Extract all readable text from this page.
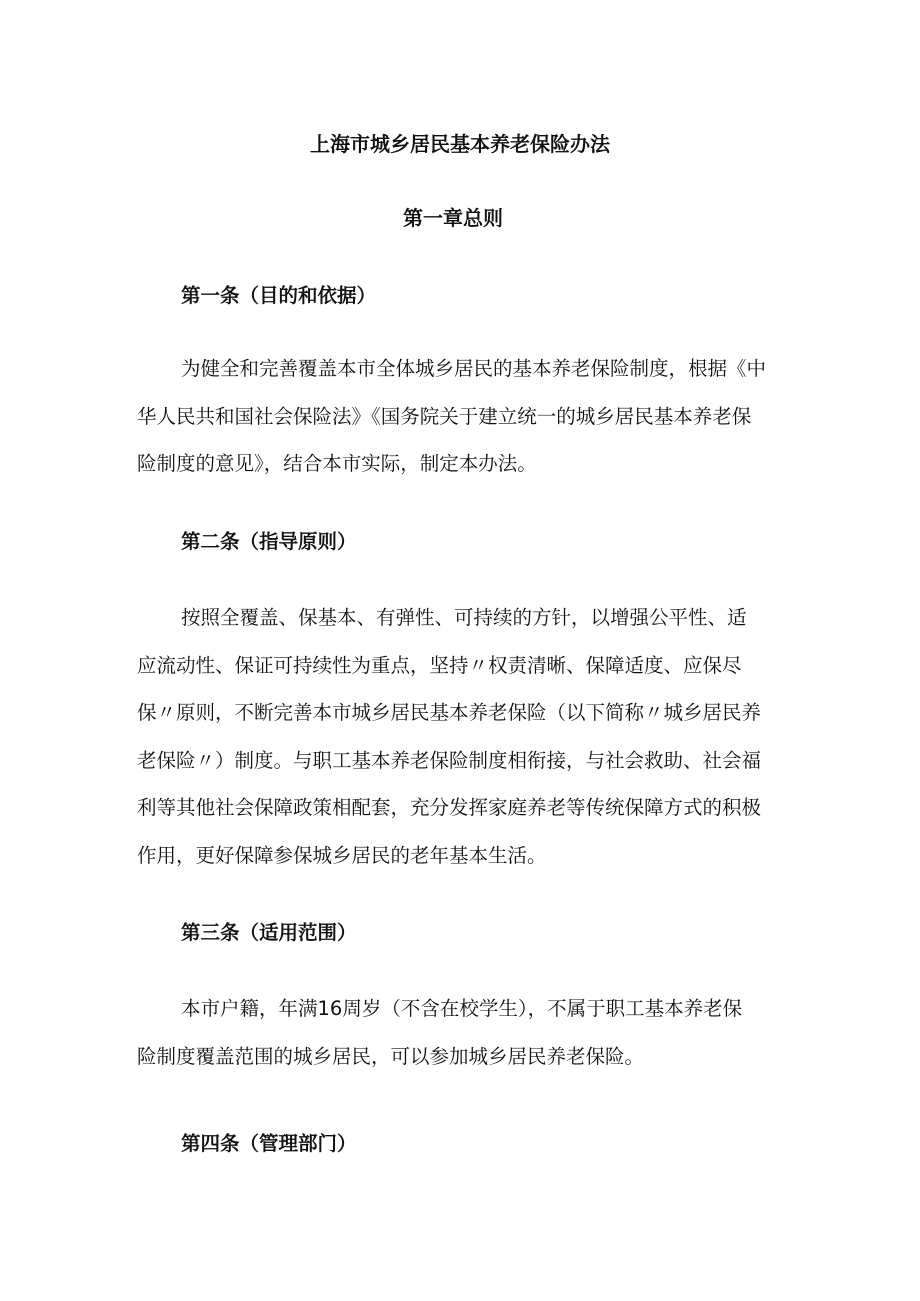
上海市城乡居民基本养老保险办法
第一章总则
第一条（目的和依据）
为健全和完善覆盖本市全体城乡居民的基本养老保险制度，根据《中
华人民共和国社会保险法》《国务院关于建立统一的城乡居民基本养老保
险制度的意见》，结合本市实际，制定本办法。
第二条（指导原则）
按照全覆盖、保基本、有弹性、可持续的方针，以增强公平性、适
应流动性、保证可持续性为重点，坚持〃权责清晰、保障适度、应保尽
保〃原则，不断完善本市城乡居民基本养老保险（以下简称〃城乡居民养
老保险〃）制度。与职工基本养老保险制度相衔接，与社会救助、社会福
利等其他社会保障政策相配套，充分发挥家庭养老等传统保障方式的积极
作用，更好保障参保城乡居民的老年基本生活。
第三条（适用范围）
本市户籍，年满16周岁（不含在校学生），不属于职工基本养老保
险制度覆盖范围的城乡居民，可以参加城乡居民养老保险。
第四条（管理部门）
